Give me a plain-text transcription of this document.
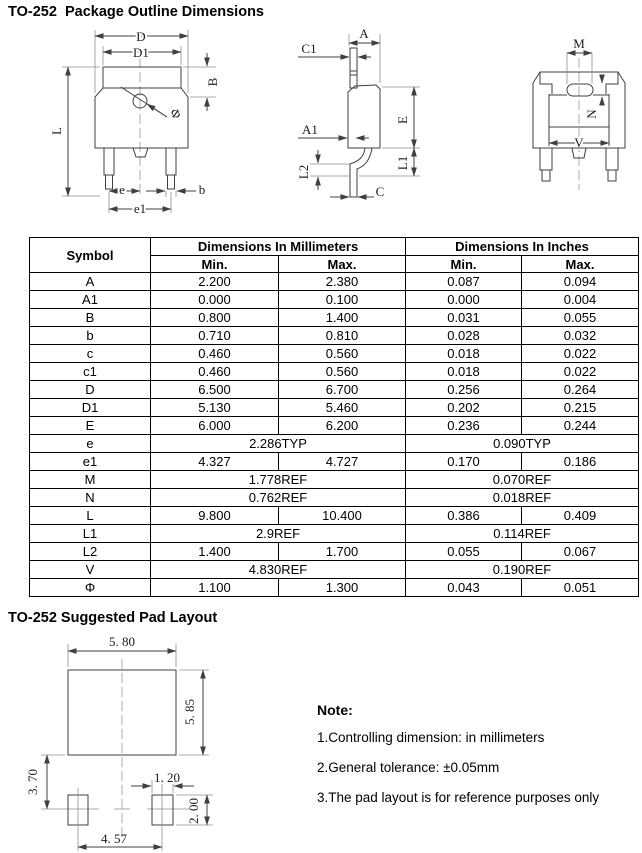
TO-252  Package Outline Dimensions
D
D1
B
L
e
e1
b
Φ
A
C1
A1
L2
C
E
L1
M
N
V
Symbol	Dimensions In Millimeters		Dimensions In Inches	
	Min.	Max.	Min.	Max.
A	2.200	2.380	0.087	0.094
A1	0.000	0.100	0.000	0.004
B	0.800	1.400	0.031	0.055
b	0.710	0.810	0.028	0.032
c	0.460	0.560	0.018	0.022
c1	0.460	0.560	0.018	0.022
D	6.500	6.700	0.256	0.264
D1	5.130	5.460	0.202	0.215
E	6.000	6.200	0.236	0.244
e	2.286TYP		0.090TYP	
e1	4.327	4.727	0.170	0.186
M	1.778REF		0.070REF	
N	0.762REF		0.018REF	
L	9.800	10.400	0.386	0.409
L1	2.9REF		0.114REF	
L2	1.400	1.700	0.055	0.067
V	4.830REF		0.190REF	
Φ	1.100	1.300	0.043	0.051
TO-252 Suggested Pad Layout
5. 80
5. 85
3. 70	1. 20
2. 00
4. 57
Note:
1.Controlling dimension: in millimeters
2.General tolerance: ±0.05mm
3.The pad layout is for reference purposes only
